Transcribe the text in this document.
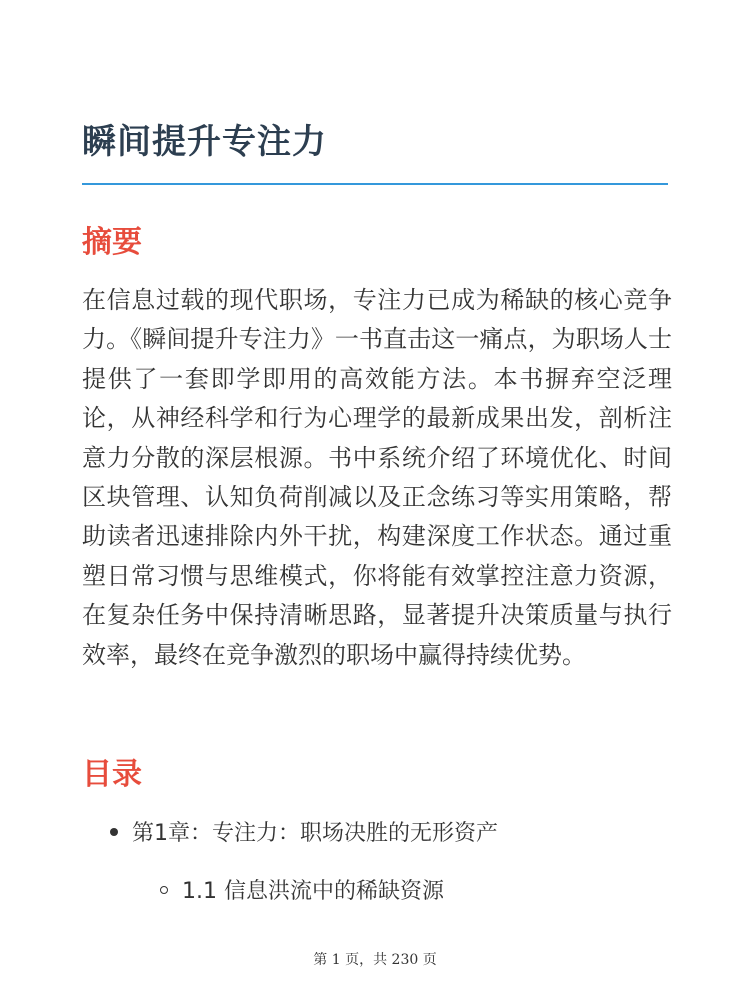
瞬间提升专注力
摘要

在信息过载的现代职场，专注力已成为稀缺的核心竞争力。《瞬间提升专注力》一书直击这一痛点，为职场人士提供了一套即学即用的高效能方法。本书摒弃空泛理论，从神经科学和行为心理学的最新成果出发，剖析注意力分散的深层根源。书中系统介绍了环境优化、时间区块管理、认知负荷削减以及正念练习等实用策略，帮助读者迅速排除内外干扰，构建深度工作状态。通过重塑日常习惯与思维模式，你将能有效掌控注意力资源，在复杂任务中保持清晰思路，显著提升决策质量与执行效率，最终在竞争激烈的职场中赢得持续优势。

目录
第1章：专注力：职场决胜的无形资产
1.1 信息洪流中的稀缺资源
第 1 页，共 230 页
